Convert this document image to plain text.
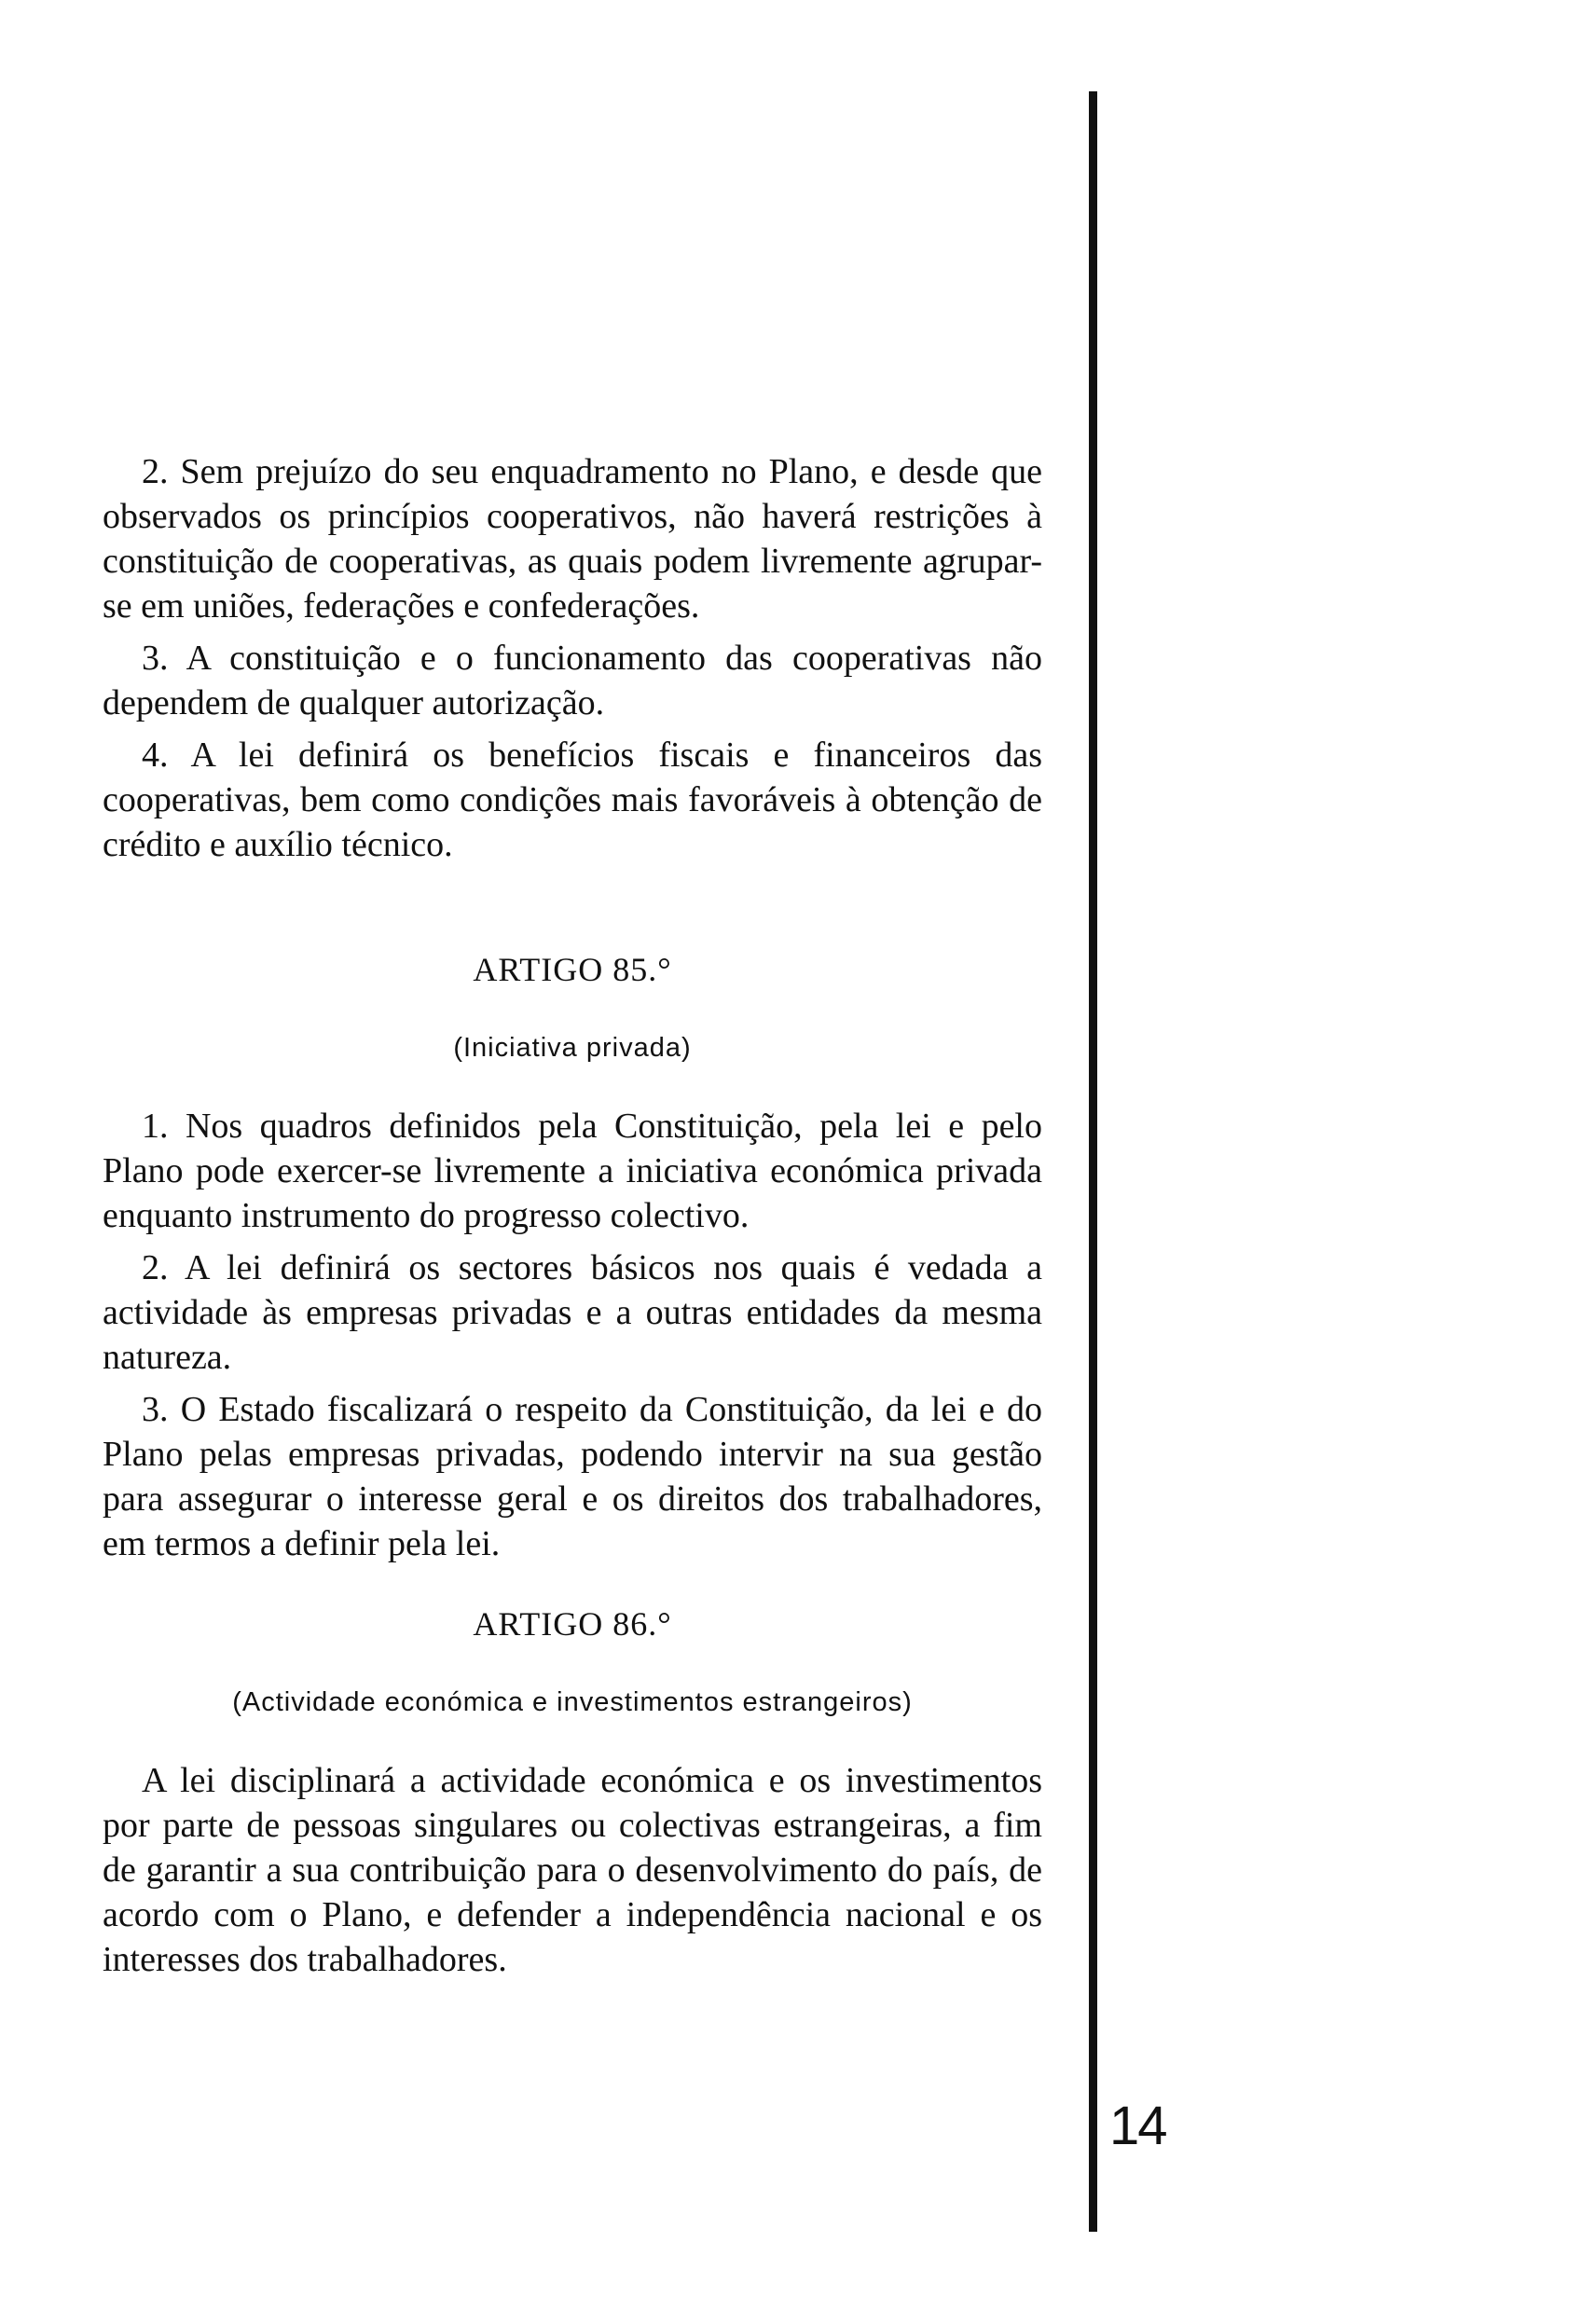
14

2. Sem prejuízo do seu enquadramento no Plano, e desde que observados os princípios cooperativos, não haverá restrições à constituição de cooperativas, as quais podem livremente agrupar-se em uniões, federações e confederações.

3. A constituição e o funcionamento das cooperativas não dependem de qualquer autorização.

4. A lei definirá os benefícios fiscais e financeiros das cooperativas, bem como condições mais favoráveis à obtenção de crédito e auxílio técnico.

ARTIGO 85.°

(Iniciativa privada)

1. Nos quadros definidos pela Constituição, pela lei e pelo Plano pode exercer-se livremente a iniciativa económica privada enquanto instrumento do progresso colectivo.

2. A lei definirá os sectores básicos nos quais é vedada a actividade às empresas privadas e a outras entidades da mesma natureza.

3. O Estado fiscalizará o respeito da Constituição, da lei e do Plano pelas empresas privadas, podendo intervir na sua gestão para assegurar o interesse geral e os direitos dos trabalhadores, em termos a definir pela lei.

ARTIGO 86.°

(Actividade económica e investimentos estrangeiros)

A lei disciplinará a actividade económica e os investimentos por parte de pessoas singulares ou colectivas estrangeiras, a fim de garantir a sua contribuição para o desenvolvimento do país, de acordo com o Plano, e defender a independência nacional e os interesses dos trabalhadores.
